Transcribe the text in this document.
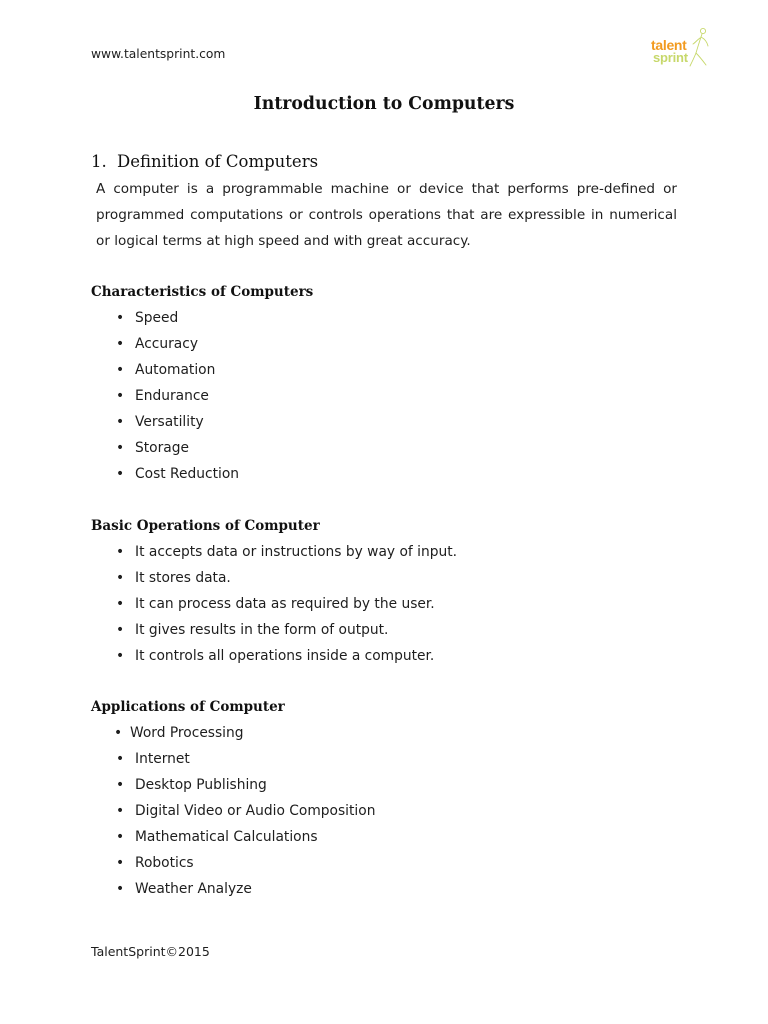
www.talentsprint.com
talent
sprint
Introduction to Computers
1. Definition of Computers
A computer is a programmable machine or device that performs pre-defined or
programmed computations or controls operations that are expressible in numerical
or logical terms at high speed and with great accuracy.
Characteristics of Computers
• Speed
• Accuracy
• Automation
• Endurance
• Versatility
• Storage
• Cost Reduction
Basic Operations of Computer
• It accepts data or instructions by way of input.
• It stores data.
• It can process data as required by the user.
• It gives results in the form of output.
• It controls all operations inside a computer.
Applications of Computer
• Word Processing
• Internet
• Desktop Publishing
• Digital Video or Audio Composition
• Mathematical Calculations
• Robotics
• Weather Analyze
TalentSprint©2015
